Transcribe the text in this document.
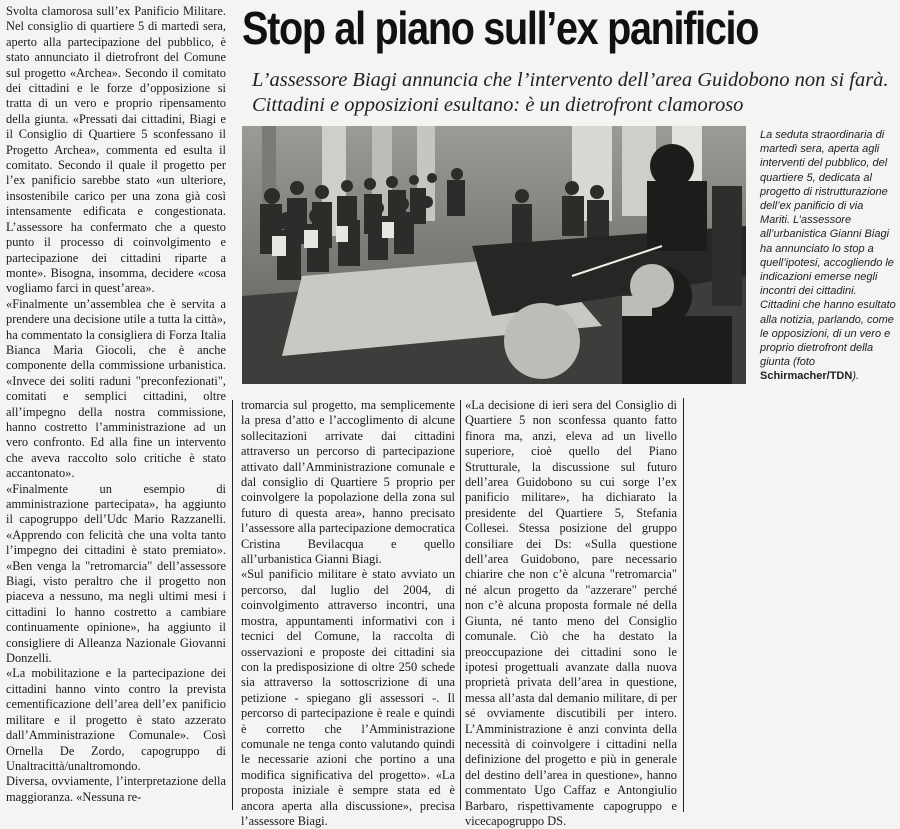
Svolta clamorosa sull’ex Panificio Militare. Nel consiglio di quartiere 5 di martedì sera, aperto alla partecipazione del pubblico, è stato annunciato il dietrofront del Comune sul progetto «Archea». Secondo il comitato dei cittadini e le forze d’opposizione si tratta di un vero e proprio ripensamento della giunta. «Pressati dai cittadini, Biagi e il Consiglio di Quartiere 5 sconfessano il Progetto Archea», commenta ed esulta il comitato. Secondo il quale il progetto per l’ex panificio sarebbe stato «un ulteriore, insostenibile carico per una zona già così intensamente edificata e congestionata. L’assessore ha confermato che a questo punto il processo di coinvolgimento e partecipazione dei cittadini riparte a monte». Bisogna, insomma, decidere «cosa vogliamo farci in quest’area».
«Finalmente un’assemblea che è servita a prendere una decisione utile a tutta la città», ha commentato la consigliera di Forza Italia Bianca Maria Giocoli, che è anche componente della commissione urbanistica. «Invece dei soliti raduni "preconfezionati", comitati e semplici cittadini, oltre all’impegno della nostra commissione, hanno costretto l’amministrazione ad un vero confronto. Ed alla fine un intervento che aveva raccolto solo critiche è stato accantonato».
«Finalmente un esempio di amministrazione partecipata», ha aggiunto il capogruppo dell’Udc Mario Razzanelli. «Apprendo con felicità che una volta tanto l’impegno dei cittadini è stato premiato». «Ben venga la "retromarcia" dell’assessore Biagi, visto peraltro che il progetto non piaceva a nessuno, ma negli ultimi mesi i cittadini lo hanno costretto a cambiare continuamente opinione», ha aggiunto il consigliere di Alleanza Nazionale Giovanni Donzelli.
«La mobilitazione e la partecipazione dei cittadini hanno vinto contro la prevista cementificazione dell’area dell’ex panificio militare e il progetto è stato azzerato dall’Amministrazione Comunale». Così Ornella De Zordo, capogruppo di Unaltracittà/unaltromondo.
Diversa, ovviamente, l’interpretazione della maggioranza. «Nessuna re-
Stop al piano sull’ex panificio
L’assessore Biagi annuncia che l’intervento dell’area Guidobono non si farà. Cittadini e opposizioni esultano: è un dietrofront clamoroso
La seduta straordinaria di martedì sera, aperta agli interventi del pubblico, del quartiere 5, dedicata al progetto di ristrutturazione dell’ex panificio di via Mariti. L’assessore all’urbanistica Gianni Biagi ha annunciato lo stop a quell’ipotesi, accogliendo le indicazioni emerse negli incontri dei cittadini. Cittadini che hanno esultato alla notizia, parlando, come le opposizioni, di un vero e proprio dietrofront della giunta (foto Schirmacher/TDN).
tromarcia sul progetto, ma semplicemente la presa d’atto e l’accoglimento di alcune sollecitazioni arrivate dai cittadini attraverso un percorso di partecipazione attivato dall’Amministrazione comunale e dal consiglio di Quartiere 5 proprio per coinvolgere la popolazione della zona sul futuro di questa area», hanno precisato l’assessore alla partecipazione democratica Cristina Bevilacqua e quello all’urbanistica Gianni Biagi.
«Sul panificio militare è stato avviato un percorso, dal luglio del 2004, di coinvolgimento attraverso incontri, una mostra, appuntamenti informativi con i tecnici del Comune, la raccolta di osservazioni e proposte dei cittadini sia con la predisposizione di oltre 250 schede sia attraverso la sottoscrizione di una petizione - spiegano gli assessori -. Il percorso di partecipazione è reale e quindi è corretto che l’Amministrazione comunale ne tenga conto valutando quindi le necessarie azioni che portino a una modifica significativa del progetto». «La proposta iniziale è sempre stata ed è ancora aperta alla discussione», precisa l’assessore Biagi.
«La decisione di ieri sera del Consiglio di Quartiere 5 non sconfessa quanto fatto finora ma, anzi, eleva ad un livello superiore, cioè quello del Piano Strutturale, la discussione sul futuro dell’area Guidobono su cui sorge l’ex panificio militare», ha dichiarato la presidente del Quartiere 5, Stefania Collesei. Stessa posizione del gruppo consiliare dei Ds: «Sulla questione dell’area Guidobono, pare necessario chiarire che non c’è alcuna "retromarcia" né alcun progetto da "azzerare" perché non c’è alcuna proposta formale né della Giunta, né tanto meno del Consiglio comunale. Ciò che ha destato la preoccupazione dei cittadini sono le ipotesi progettuali avanzate dalla nuova proprietà privata dell’area in questione, messa all’asta dal demanio militare, di per sé ovviamente discutibili per intero. L’Amministrazione è anzi convinta della necessità di coinvolgere i cittadini nella definizione del progetto e più in generale del destino dell’area in questione», hanno commentato Ugo Caffaz e Antongiulio Barbaro, rispettivamente capogruppo e vicecapogruppo DS.
